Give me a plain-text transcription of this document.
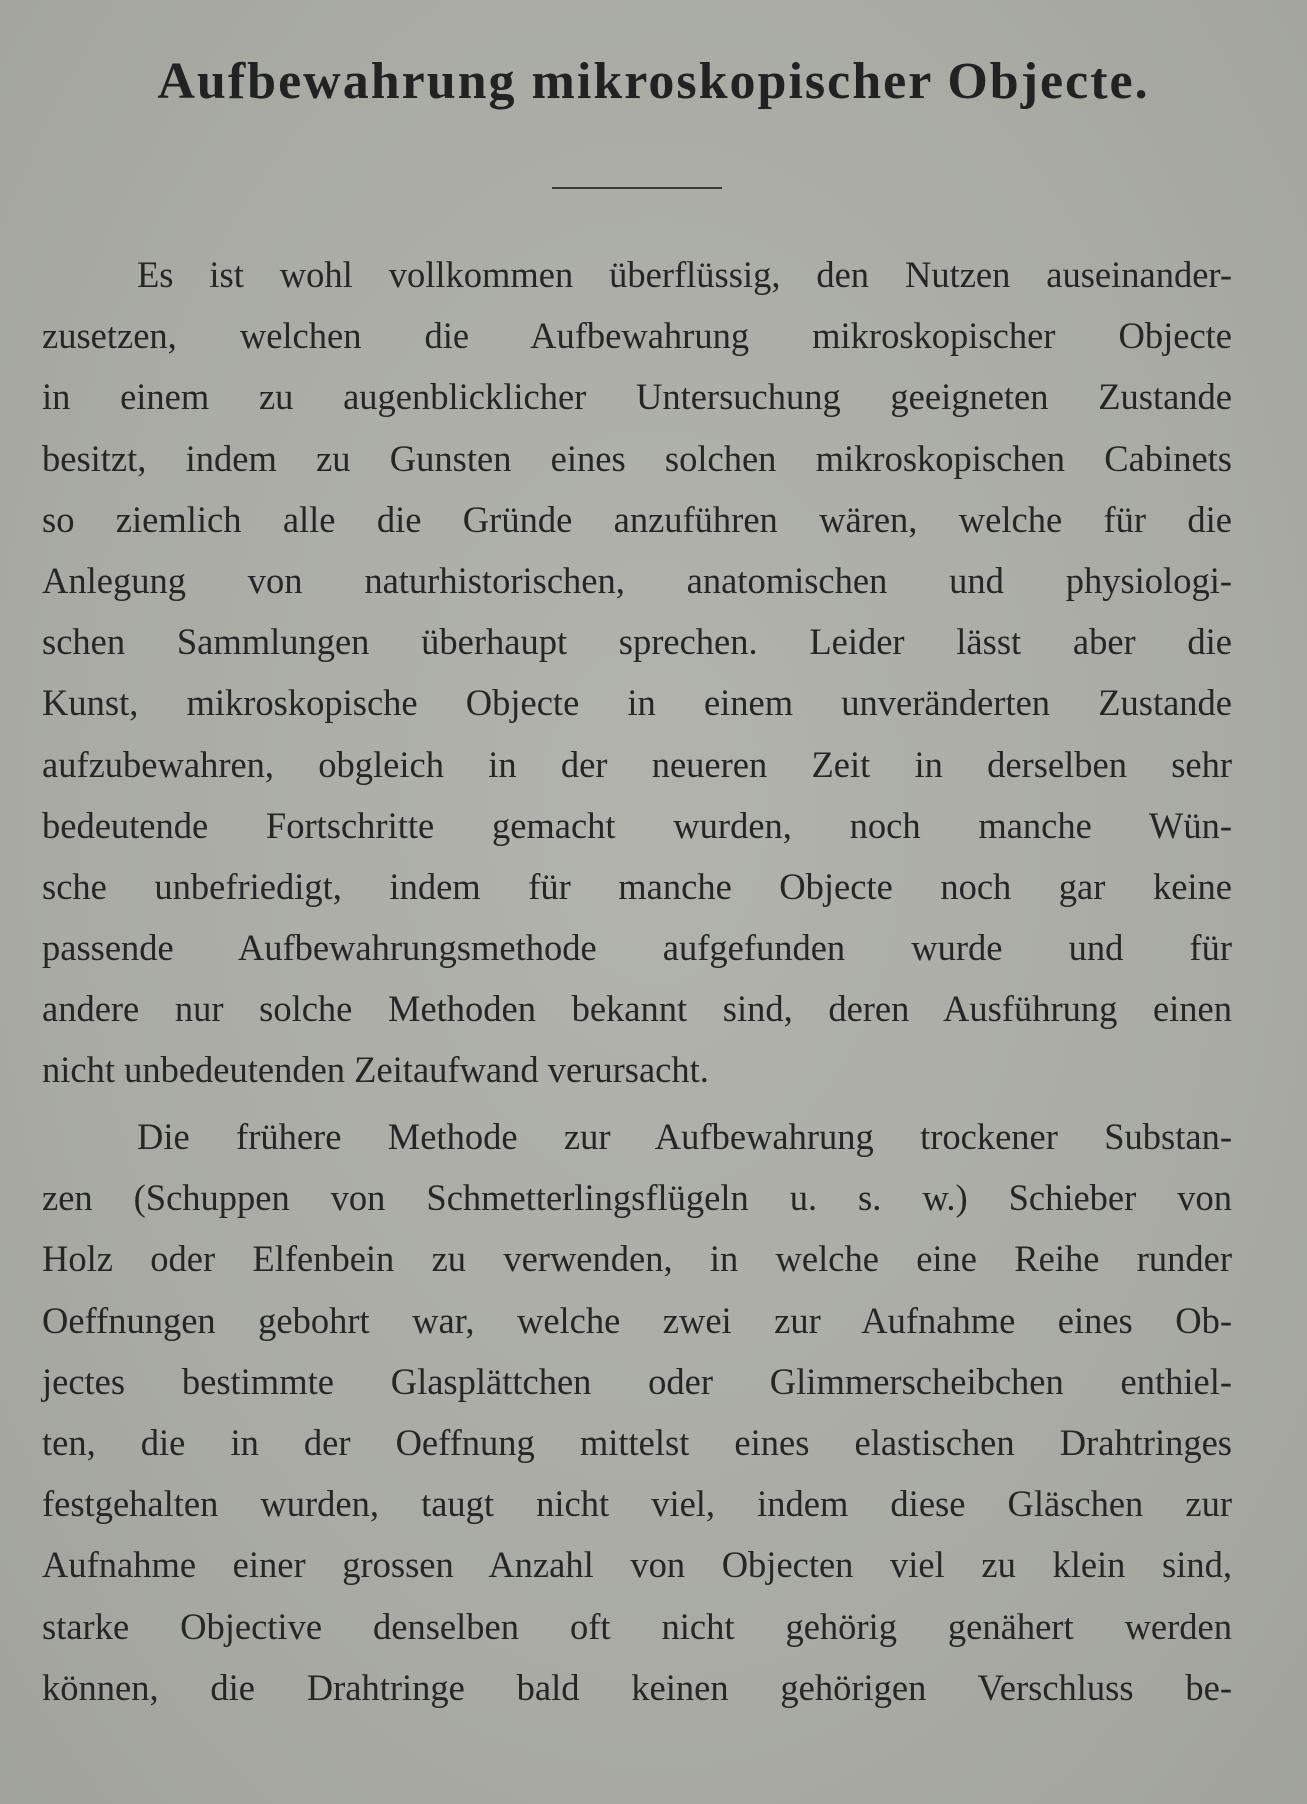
Aufbewahrung mikroskopischer Objecte.
Es ist wohl vollkommen überflüssig, den Nutzen auseinander-
zusetzen, welchen die Aufbewahrung mikroskopischer Objecte
in einem zu augenblicklicher Untersuchung geeigneten Zustande
besitzt, indem zu Gunsten eines solchen mikroskopischen Cabinets
so ziemlich alle die Gründe anzuführen wären, welche für die
Anlegung von naturhistorischen, anatomischen und physiologi-
schen Sammlungen überhaupt sprechen. Leider lässt aber die
Kunst, mikroskopische Objecte in einem unveränderten Zustande
aufzubewahren, obgleich in der neueren Zeit in derselben sehr
bedeutende Fortschritte gemacht wurden, noch manche Wün-
sche unbefriedigt, indem für manche Objecte noch gar keine
passende Aufbewahrungsmethode aufgefunden wurde und für
andere nur solche Methoden bekannt sind, deren Ausführung einen
nicht unbedeutenden Zeitaufwand verursacht.
Die frühere Methode zur Aufbewahrung trockener Substan-
zen (Schuppen von Schmetterlingsflügeln u. s. w.) Schieber von
Holz oder Elfenbein zu verwenden, in welche eine Reihe runder
Oeffnungen gebohrt war, welche zwei zur Aufnahme eines Ob-
jectes bestimmte Glasplättchen oder Glimmerscheibchen enthiel-
ten, die in der Oeffnung mittelst eines elastischen Drahtringes
festgehalten wurden, taugt nicht viel, indem diese Gläschen zur
Aufnahme einer grossen Anzahl von Objecten viel zu klein sind,
starke Objective denselben oft nicht gehörig genähert werden
können, die Drahtringe bald keinen gehörigen Verschluss be-
